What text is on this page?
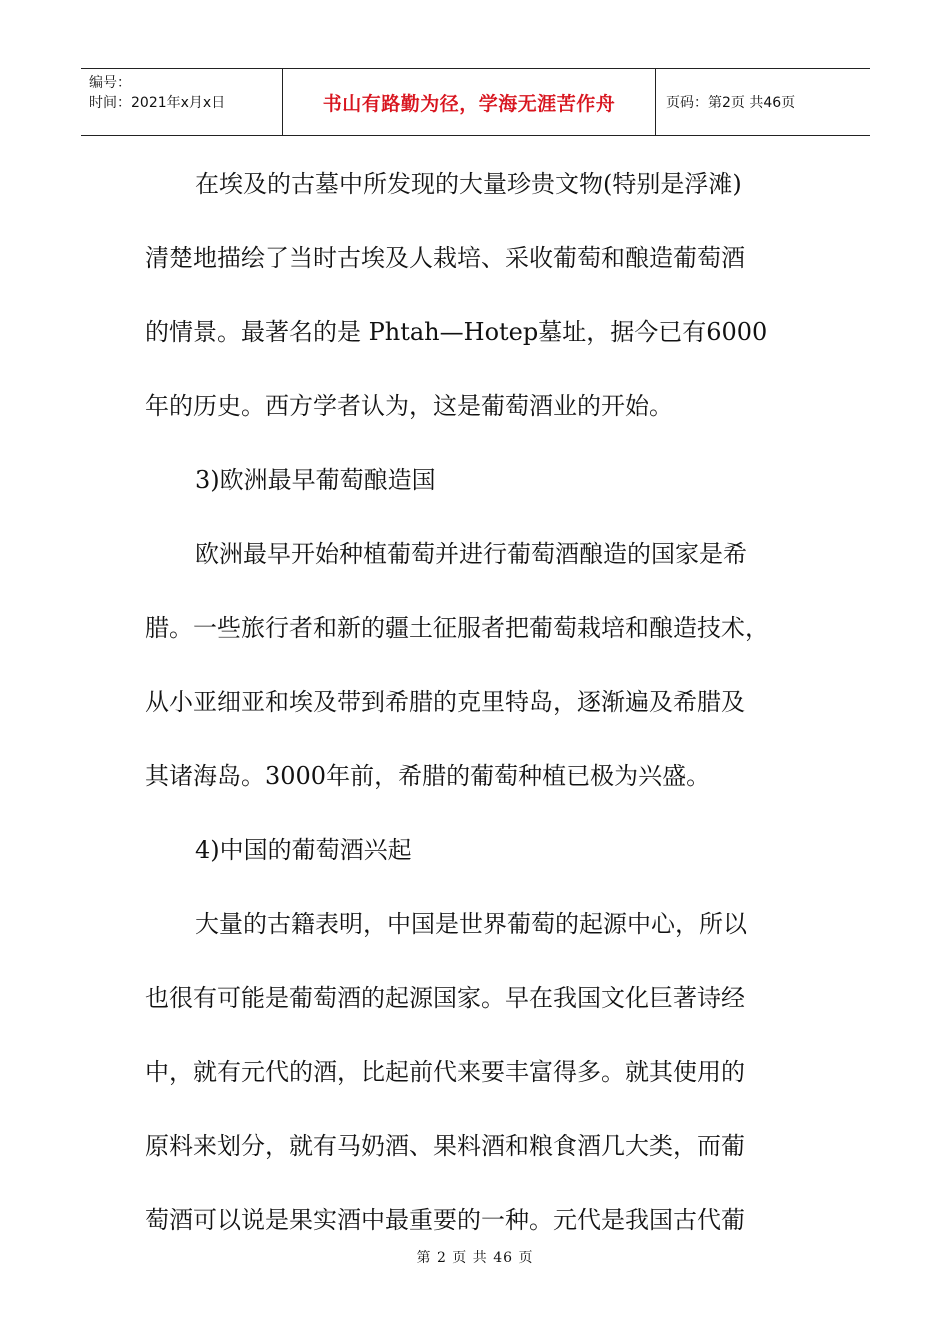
编号：
时间：2021年x月x日	书山有路勤为径，学海无涯苦作舟	页码：第2页 共46页
在埃及的古墓中所发现的大量珍贵文物(特别是浮滩)
清楚地描绘了当时古埃及人栽培、采收葡萄和酿造葡萄酒
的情景。最著名的是 Phtah—Hotep墓址，据今已有6000
年的历史。西方学者认为，这是葡萄酒业的开始。
3)欧洲最早葡萄酿造国
欧洲最早开始种植葡萄并进行葡萄酒酿造的国家是希
腊。一些旅行者和新的疆土征服者把葡萄栽培和酿造技术，
从小亚细亚和埃及带到希腊的克里特岛，逐渐遍及希腊及
其诸海岛。3000年前，希腊的葡萄种植已极为兴盛。
4)中国的葡萄酒兴起
大量的古籍表明，中国是世界葡萄的起源中心，所以
也很有可能是葡萄酒的起源国家。早在我国文化巨著诗经
中，就有元代的酒，比起前代来要丰富得多。就其使用的
原料来划分，就有马奶酒、果料酒和粮食酒几大类，而葡
萄酒可以说是果实酒中最重要的一种。元代是我国古代葡
第 2 页 共 46 页
